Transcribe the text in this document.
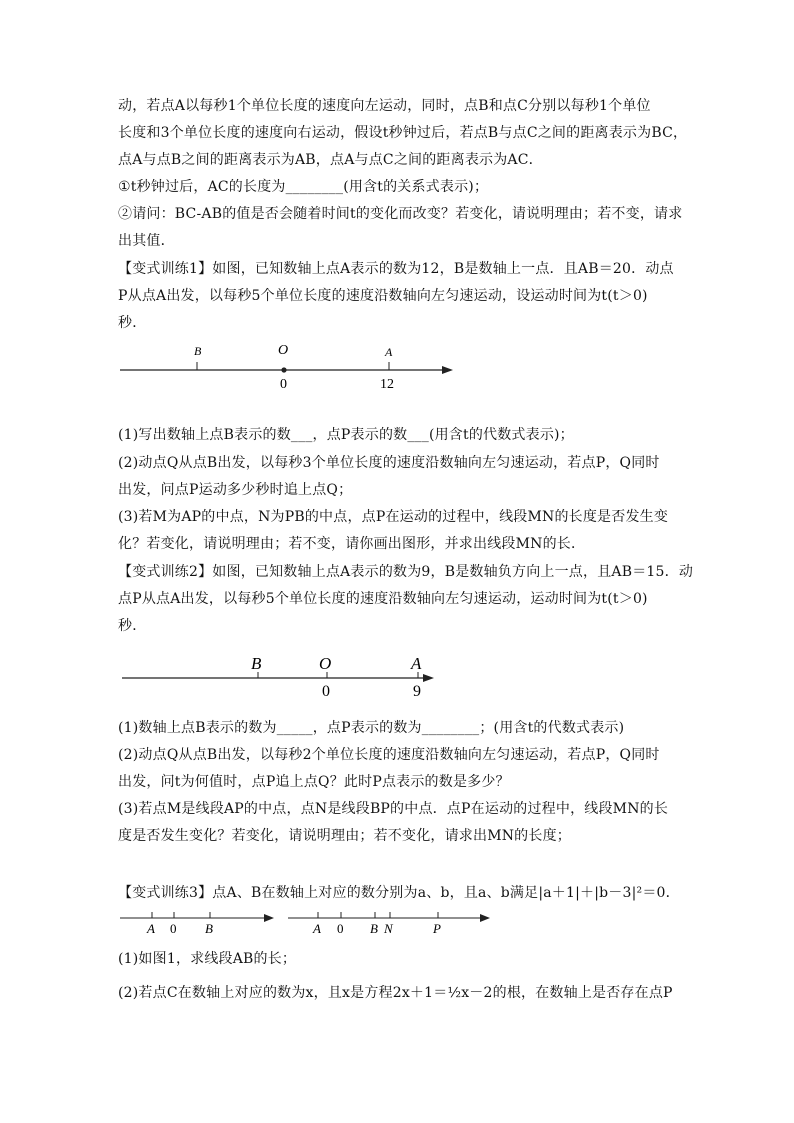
动，若点A以每秒1个单位长度的速度向左运动，同时，点B和点C分别以每秒1个单位
长度和3个单位长度的速度向右运动，假设t秒钟过后，若点B与点C之间的距离表示为BC，
点A与点B之间的距离表示为AB，点A与点C之间的距离表示为AC．
①t秒钟过后，AC的长度为________(用含t的关系式表示)；
②请问：BC-AB的值是否会随着时间t的变化而改变？若变化，请说明理由；若不变，请求
出其值．
【变式训练1】如图，已知数轴上点A表示的数为12，B是数轴上一点．且AB＝20．动点
P从点A出发，以每秒5个单位长度的速度沿数轴向左匀速运动，设运动时间为t(t＞0)
秒．
B	O	A
0	12
(1)写出数轴上点B表示的数___，点P表示的数___(用含t的代数式表示)；
(2)动点Q从点B出发，以每秒3个单位长度的速度沿数轴向左匀速运动，若点P，Q同时
出发，问点P运动多少秒时追上点Q；
(3)若M为AP的中点，N为PB的中点，点P在运动的过程中，线段MN的长度是否发生变
化？若变化，请说明理由；若不变，请你画出图形，并求出线段MN的长．
【变式训练2】如图，已知数轴上点A表示的数为9，B是数轴负方向上一点，且AB＝15．动
点P从点A出发，以每秒5个单位长度的速度沿数轴向左匀速运动，运动时间为t(t＞0)
秒．
B	O	A
0	9
(1)数轴上点B表示的数为_____，点P表示的数为________；(用含t的代数式表示)
(2)动点Q从点B出发，以每秒2个单位长度的速度沿数轴向左匀速运动，若点P，Q同时
出发，问t为何值时，点P追上点Q？此时P点表示的数是多少？
(3)若点M是线段AP的中点，点N是线段BP的中点．点P在运动的过程中，线段MN的长
度是否发生变化？若变化，请说明理由；若不变化，请求出MN的长度；
【变式训练3】点A、B在数轴上对应的数分别为a、b，且a、b满足|a＋1|＋|b－3|²＝0．
A 0 B	A 0 B N	P
(1)如图1，求线段AB的长；
(2)若点C在数轴上对应的数为x，且x是方程2x＋1＝½x－2的根，在数轴上是否存在点P
